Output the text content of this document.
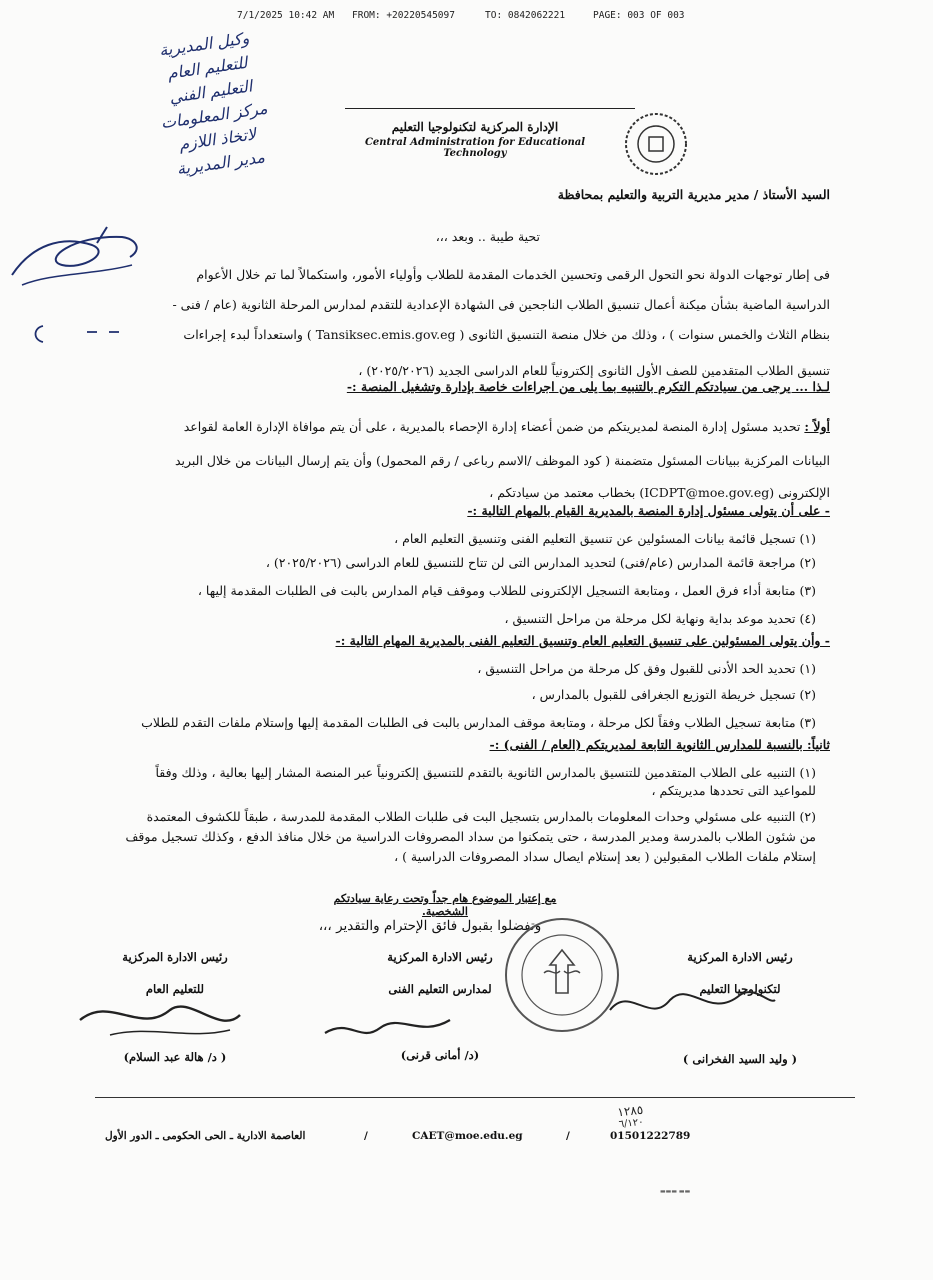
7/1/2025 10:42 AM FROM: +20220545097	TO: 0842062221	PAGE: 003 OF 003
وكيل المديرية
للتعليم العام
التعليم الفني
مركز المعلومات
لاتخاذ اللازم
مدير المديرية
الإدارة المركزية لتكنولوجيا التعليم
Central Administration for Educational Technology
السيد الأستاذ / مدير مديرية التربية والتعليم بمحافظة
تحية طيبة .. وبعد ،،،
فى إطار توجهات الدولة نحو التحول الرقمى وتحسين الخدمات المقدمة للطلاب وأولياء الأمور، واستكمالاً لما تم خلال الأعوام
الدراسية الماضية بشأن ميكنة أعمال تنسيق الطلاب الناجحين فى الشهادة الإعدادية للتقدم لمدارس المرحلة الثانوية (عام / فنى -
بنظام الثلاث والخمس سنوات ) ، وذلك من خلال منصة التنسيق الثانوى ( Tansiksec.emis.gov.eg ) واستعداداً لبدء إجراءات
تنسيق الطلاب المتقدمين للصف الأول الثانوى إلكترونياً للعام الدراسى الجديد (٢٠٢٥/٢٠٢٦) ،
لـذا ... يرجى من سيادتكم التكرم بالتنبيه بما يلى من اجراءات خاصة بإدارة وتشغيل المنصة :-
أولاً : تحديد مسئول إدارة المنصة لمديريتكم من ضمن أعضاء إدارة الإحصاء بالمديرية ، على أن يتم موافاة الإدارة العامة لقواعد
البيانات المركزية ببيانات المسئول متضمنة ( كود الموظف /الاسم رباعى / رقم المحمول) وأن يتم إرسال البيانات من خلال البريد
الإلكترونى (ICDPT@moe.gov.eg) بخطاب معتمد من سيادتكم ،
- على أن يتولى مسئول إدارة المنصة بالمديرية القيام بالمهام التالية :-
(١) تسجيل قائمة بيانات المسئولين عن تنسيق التعليم الفنى وتنسيق التعليم العام ،
(٢) مراجعة قائمة المدارس (عام/فنى) لتحديد المدارس التى لن تتاح للتنسيق للعام الدراسى (٢٠٢٥/٢٠٢٦) ،
(٣) متابعة أداء فرق العمل ، ومتابعة التسجيل الإلكترونى للطلاب وموقف قيام المدارس بالبت فى الطلبات المقدمة إليها ،
(٤) تحديد موعد بداية ونهاية لكل مرحلة من مراحل التنسيق ،
- وأن يتولى المسئولين على تنسيق التعليم العام وتنسيق التعليم الفنى بالمديرية المهام التالية :-
(١) تحديد الحد الأدنى للقبول وفق كل مرحلة من مراحل التنسيق ،
(٢) تسجيل خريطة التوزيع الجغرافى للقبول بالمدارس ،
(٣) متابعة تسجيل الطلاب وفقاً لكل مرحلة ، ومتابعة موقف المدارس بالبت فى الطلبات المقدمة إليها وإستلام ملفات التقدم للطلاب
ثانياً: بالنسبة للمدارس الثانوية التابعة لمديريتكم (العام / الفنى) :-
(١) التنبيه على الطلاب المتقدمين للتنسيق بالمدارس الثانوية بالتقدم للتنسيق إلكترونياً عبر المنصة المشار إليها بعالية ، وذلك وفقاً
للمواعيد التى تحددها مديريتكم ،
(٢) التنبيه على مسئولي وحدات المعلومات بالمدارس بتسجيل البت فى طلبات الطلاب المقدمة للمدرسة ، طبقاً للكشوف المعتمدة
من شئون الطلاب بالمدرسة ومدير المدرسة ، حتى يتمكنوا من سداد المصروفات الدراسية من خلال منافذ الدفع ، وكذلك تسجيل موقف
إستلام ملفات الطلاب المقبولين ( بعد إستلام ايصال سداد المصروفات الدراسية ) ،
مع إعتبار الموضوع هام جداً وتحت رعاية سيادتكم الشخصية.
وتفضلوا بقبول فائق الإحترام والتقدير ،،،
رئيس الادارة المركزية
لتكنولوجيا التعليم
( وليد السيد الفخرانى )
رئيس الادارة المركزية
لمدارس التعليم الفنى
(د/ أمانى قرنى)
رئيس الادارة المركزية
للتعليم العام
( د/ هالة عبد السلام)
١٢٨٥
٦/١٢٠
01501222789
/
CAET@moe.edu.eg
/
العاصمة الادارية ـ الحى الحكومى ـ الدور الأول
▬▬▬ ▬▬
